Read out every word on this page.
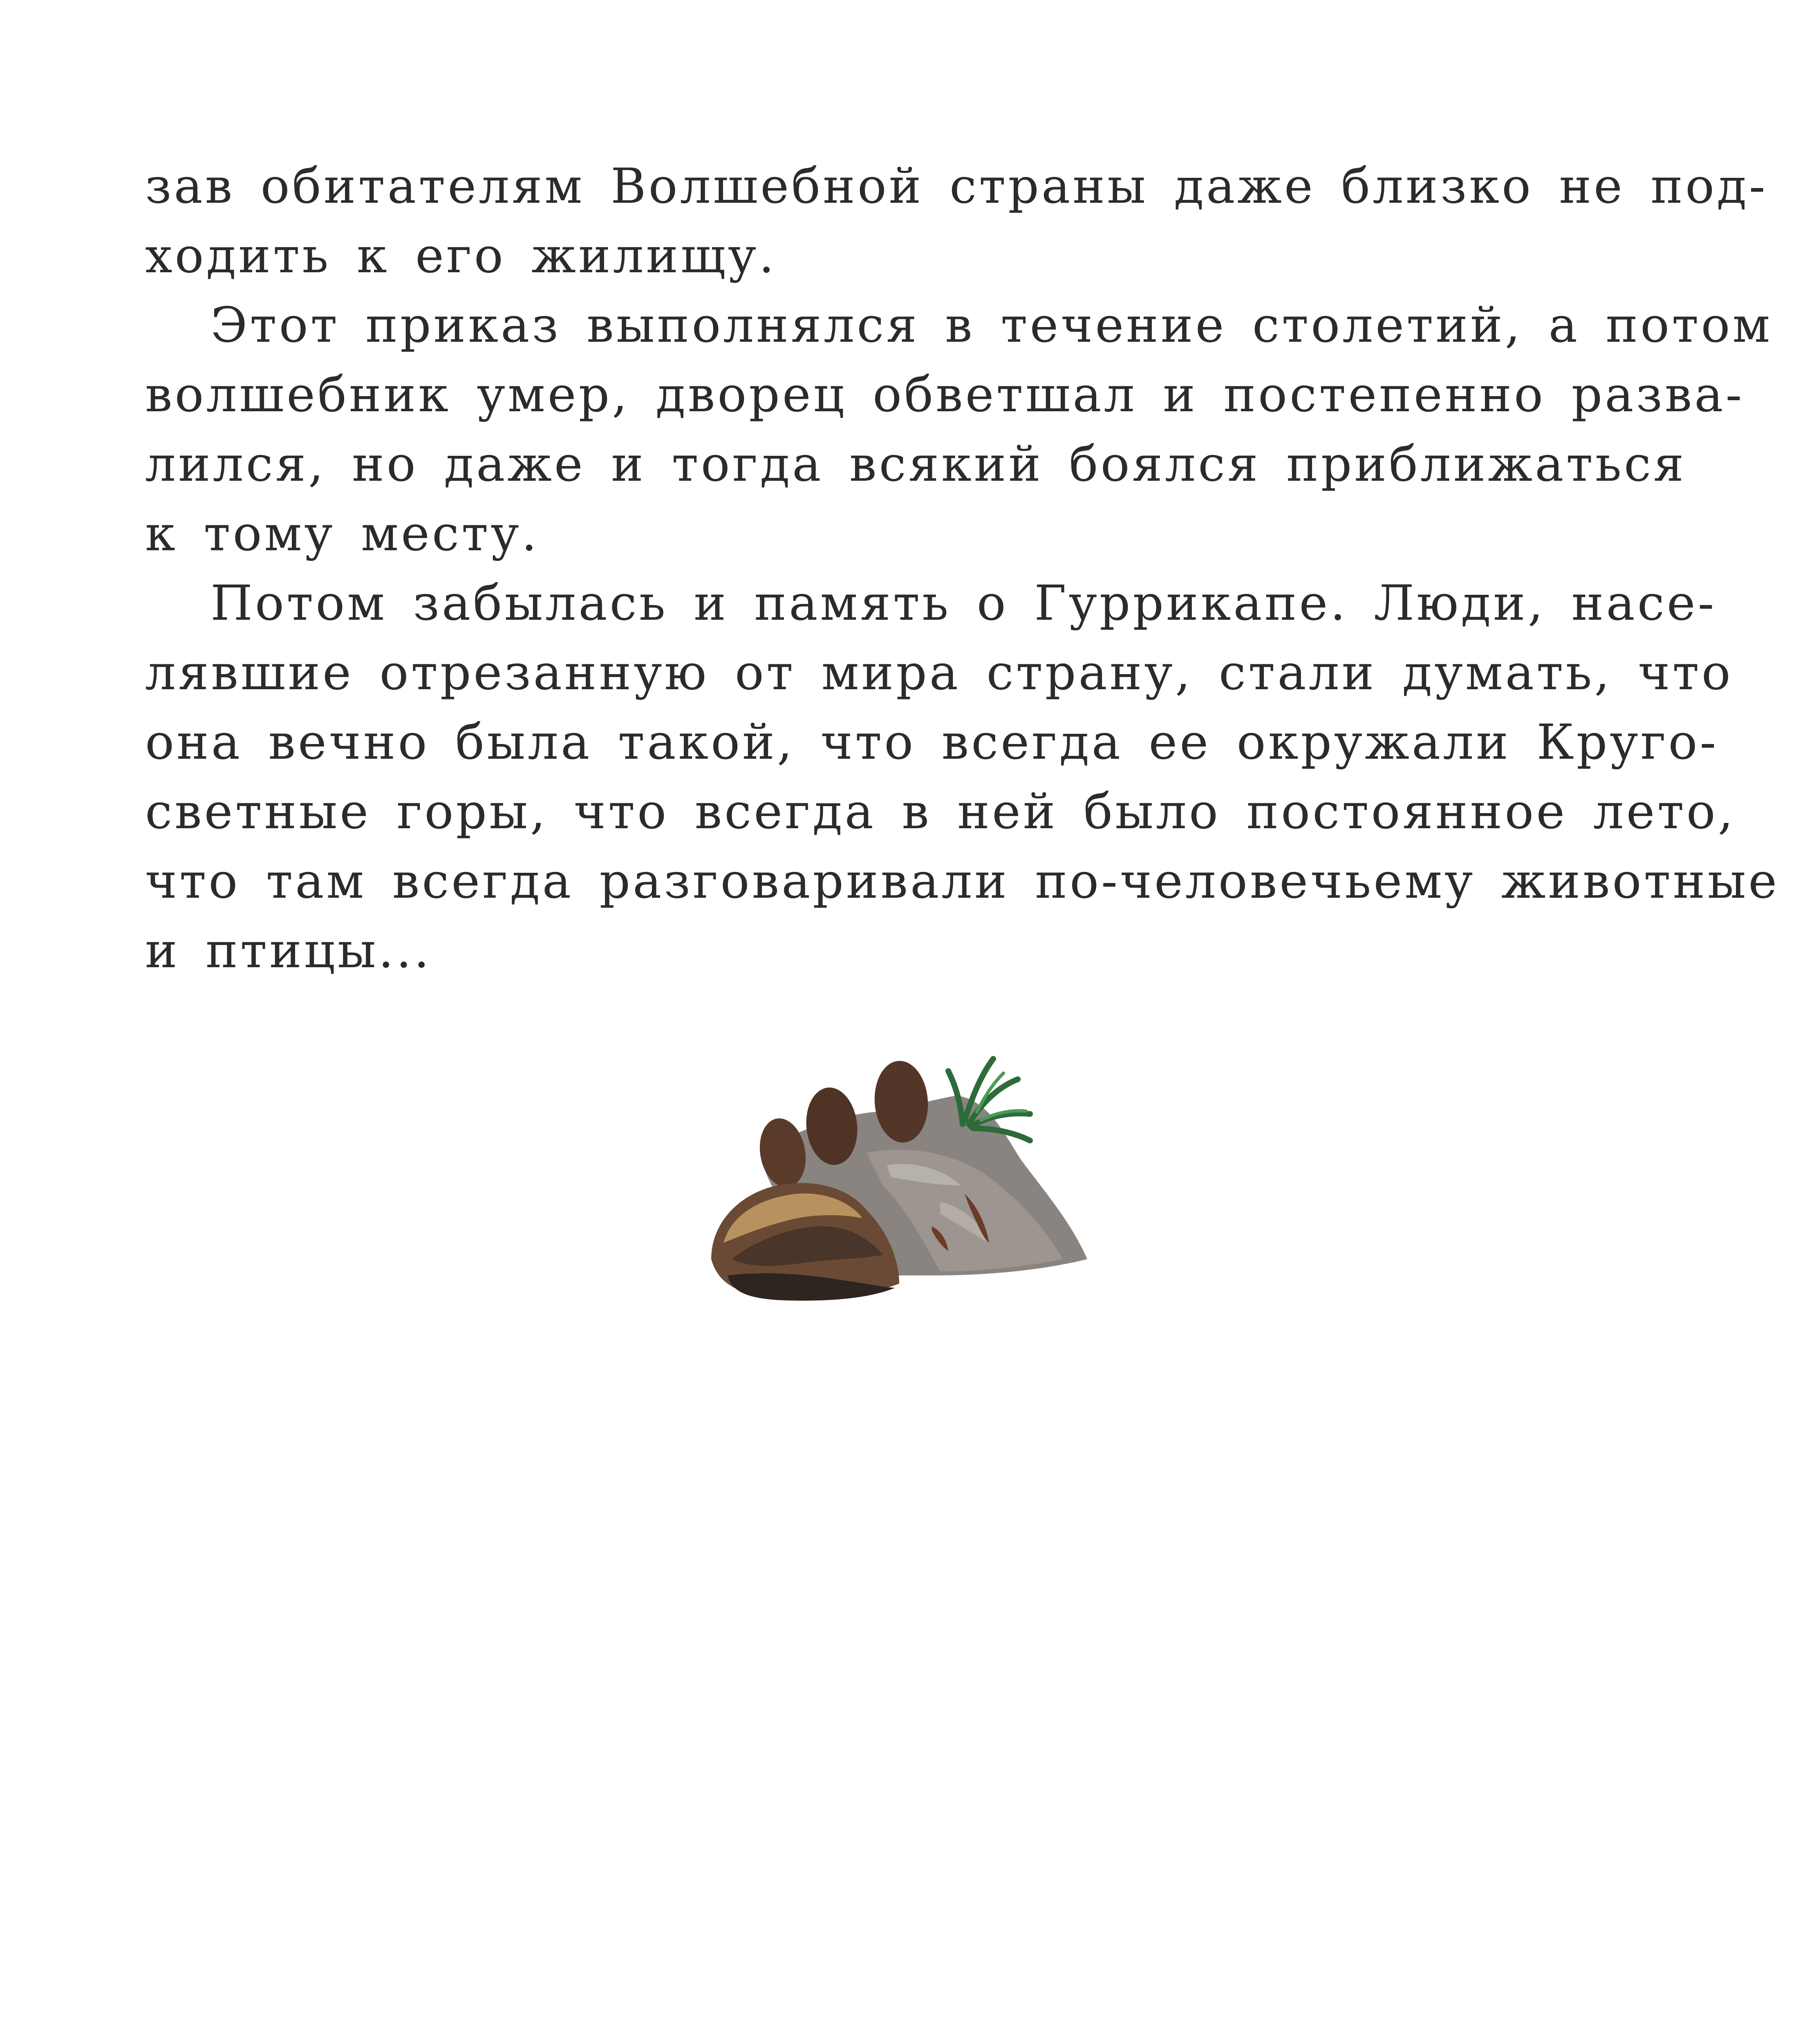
зав обитателям Волшебной страны даже близко не под-
ходить к его жилищу.

Этот приказ выполнялся в течение столетий, а потом
волшебник умер, дворец обветшал и постепенно разва-
лился, но даже и тогда всякий боялся приближаться
к тому месту.

Потом забылась и память о Гуррикапе. Люди, насе-
лявшие отрезанную от мира страну, стали думать, что
она вечно была такой, что всегда ее окружали Круго-
светные горы, что всегда в ней было постоянное лето,
что там всегда разговаривали по-человечьему животные
и птицы...
